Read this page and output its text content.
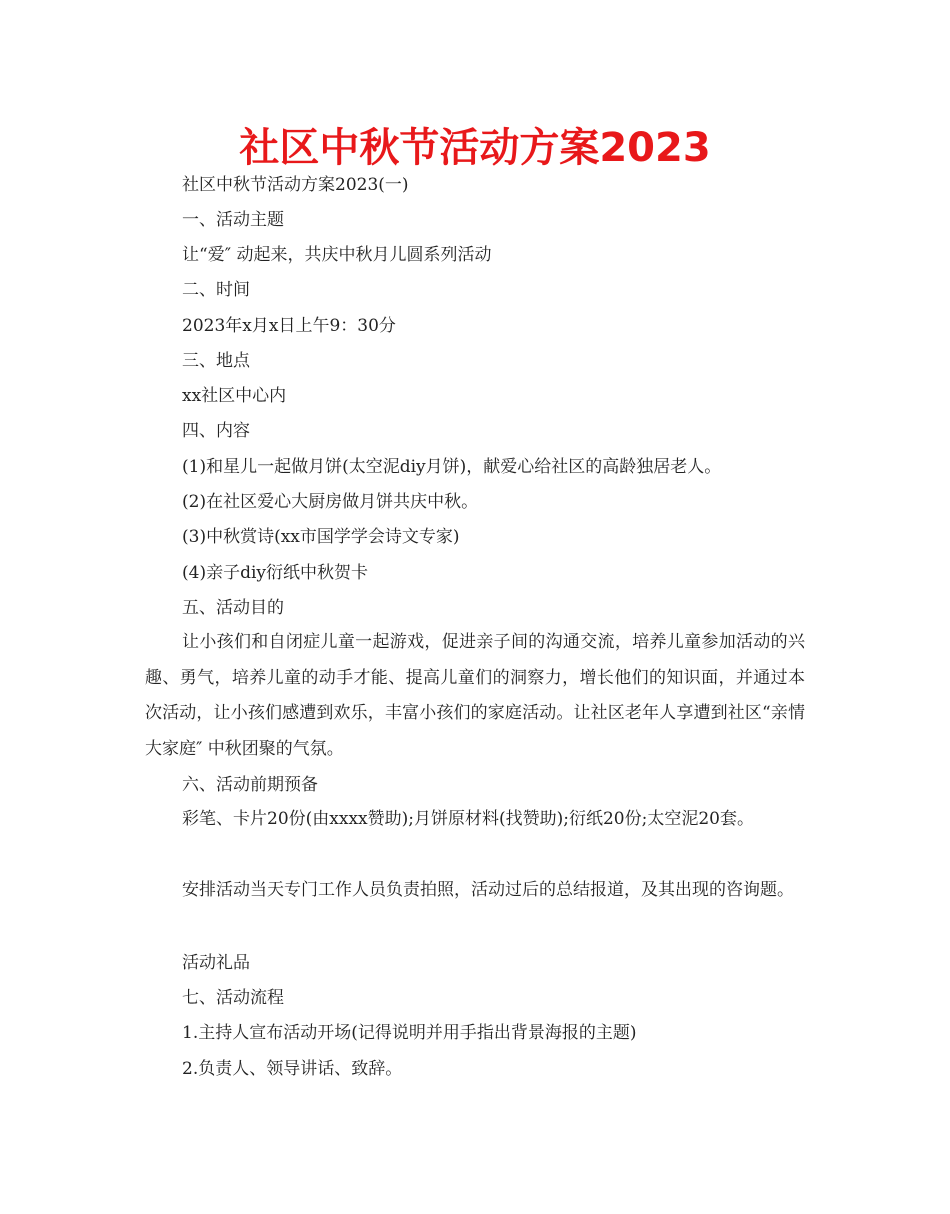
社区中秋节活动方案2023
社区中秋节活动方案2023(一)
一、活动主题
让“爱″ 动起来，共庆中秋月儿圆系列活动
二、时间
2023年x月x日上午9：30分
三、地点
xx社区中心内
四、内容
(1)和星儿一起做月饼(太空泥diy月饼)，献爱心给社区的高龄独居老人。
(2)在社区爱心大厨房做月饼共庆中秋。
(3)中秋赏诗(xx市国学学会诗文专家)
(4)亲子diy衍纸中秋贺卡
五、活动目的
让小孩们和自闭症儿童一起游戏，促进亲子间的沟通交流，培养儿童参加活动的兴趣、勇气，培养儿童的动手才能、提高儿童们的洞察力，增长他们的知识面，并通过本次活动，让小孩们感遭到欢乐，丰富小孩们的家庭活动。让社区老年人享遭到社区“亲情大家庭″ 中秋团聚的气氛。
六、活动前期预备
彩笔、卡片20份(由xxxx赞助);月饼原材料(找赞助);衍纸20份;太空泥20套。
安排活动当天专门工作人员负责拍照，活动过后的总结报道，及其出现的咨询题。
活动礼品
七、活动流程
1.主持人宣布活动开场(记得说明并用手指出背景海报的主题)
2.负责人、领导讲话、致辞。
